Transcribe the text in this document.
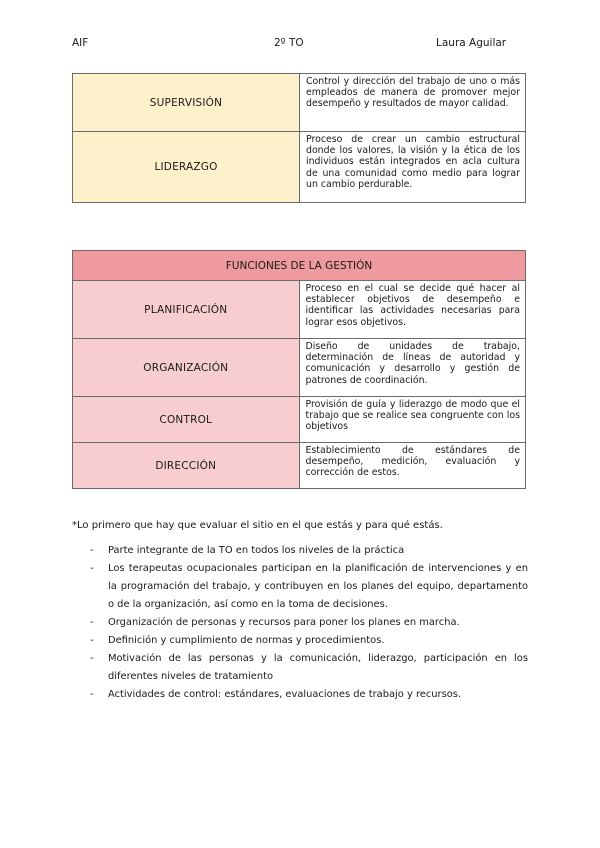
AIF	2º TO	Laura Aguilar
SUPERVISIÓN	Control y dirección del trabajo de uno o más empleados de manera de promover mejor desempeño y resultados de mayor calidad.
LIDERAZGO	Proceso de crear un cambio estructural donde los valores, la visión y la ética de los individuos están integrados en acla cultura de una comunidad como medio para lograr un cambio perdurable.
FUNCIONES DE LA GESTIÓN	
PLANIFICACIÓN	Proceso en el cual se decide qué hacer al establecer objetivos de desempeño e identificar las actividades necesarias para lograr esos objetivos.
ORGANIZACIÓN	Diseño de unidades de trabajo, determinación de líneas de autoridad y comunicación y desarrollo y gestión de patrones de coordinación.
CONTROL	Provisión de guía y liderazgo de modo que el trabajo que se realice sea congruente con los objetivos
DIRECCIÓN	Establecimiento de estándares de desempeño, medición, evaluación y corrección de estos.
*Lo primero que hay que evaluar el sitio en el que estás y para qué estás.
- Parte integrante de la TO en todos los niveles de la práctica
- Los terapeutas ocupacionales participan en la planificación de intervenciones y en la programación del trabajo, y contribuyen en los planes del equipo, departamento o de la organización, así como en la toma de decisiones.
- Organización de personas y recursos para poner los planes en marcha.
- Definición y cumplimiento de normas y procedimientos.
- Motivación de las personas y la comunicación, liderazgo, participación en los diferentes niveles de tratamiento
- Actividades de control: estándares, evaluaciones de trabajo y recursos.
